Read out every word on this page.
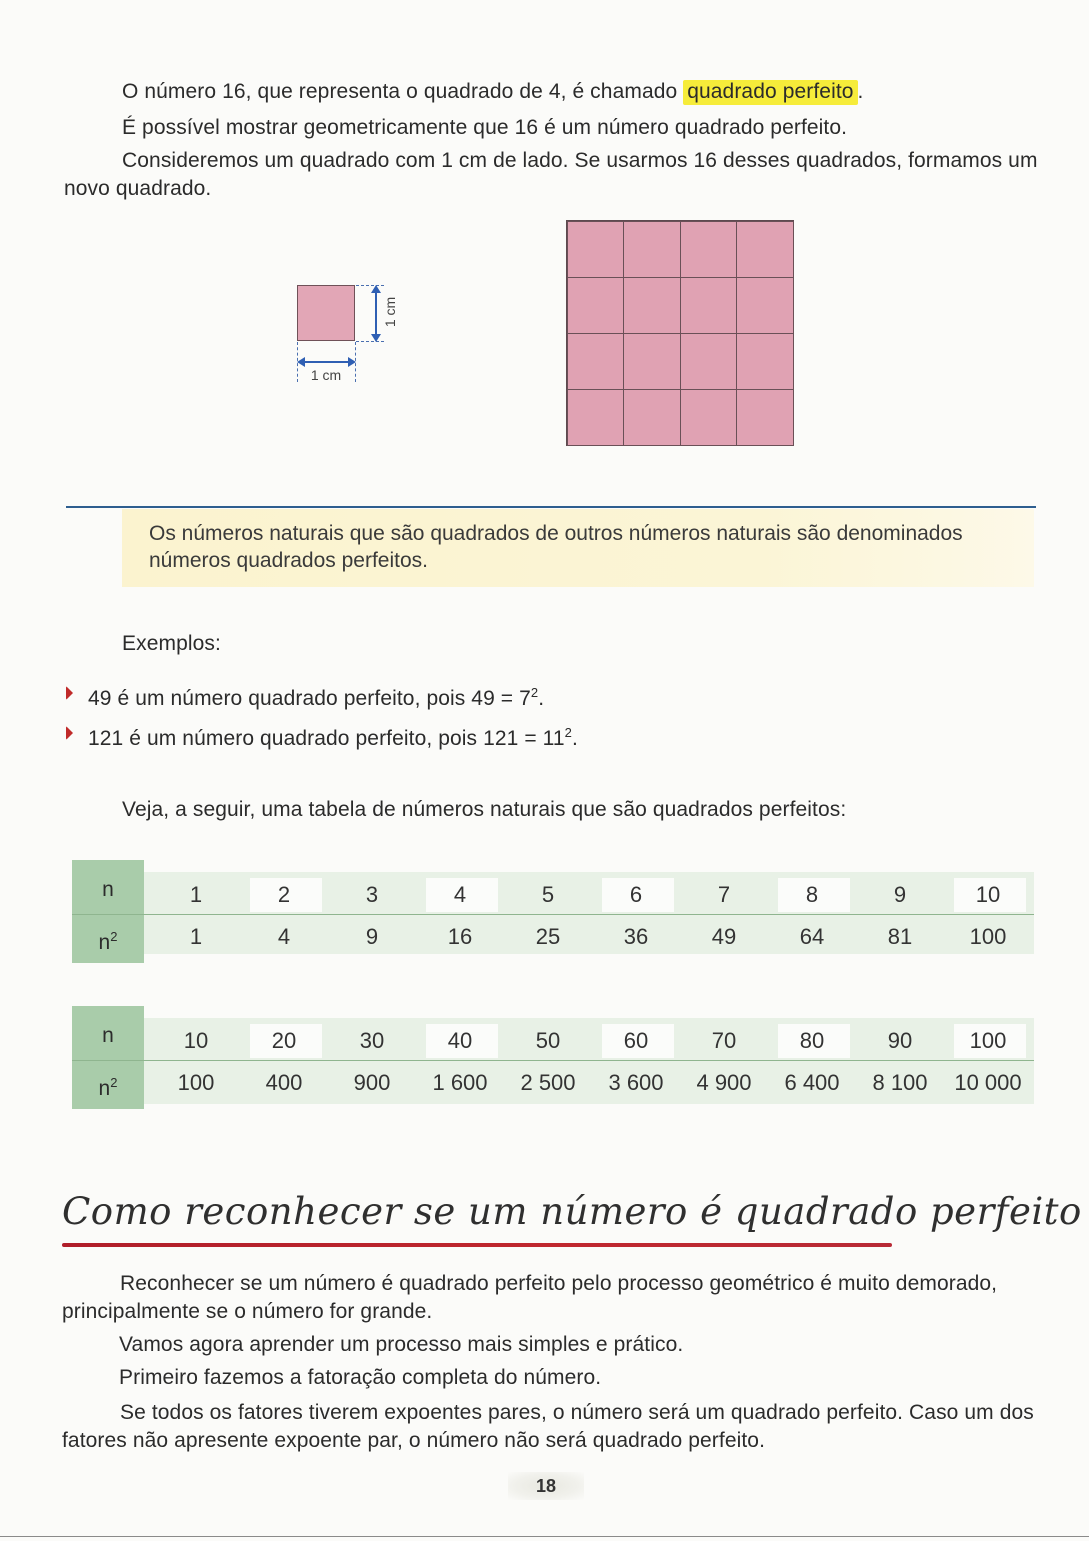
O número 16, que representa o quadrado de 4, é chamado quadrado perfeito .
É possível mostrar geometricamente que 16 é um número quadrado perfeito.
Consideremos um quadrado com 1 cm de lado. Se usarmos 16 desses quadrados, formamos um novo quadrado.
1 cm
1 cm
Os números naturais que são quadrados de outros números naturais são denominados números quadrados perfeitos.
Exemplos:
49 é um número quadrado perfeito, pois $49 = 7^2$.
121 é um número quadrado perfeito, pois $121 = 11^2$.
Veja, a seguir, uma tabela de números naturais que são quadrados perfeitos:
n
$n^2$
1
1
2
4
3
9
4
16
5
25
6
36
7
49
8
64
9
81
10
100
n
$n^2$
10
100
20
400
30
900
40
1 600
50
2 500
60
3 600
70
4 900
80
6 400
90
8 100
100
10 000
Como reconhecer se um número é quadrado perfeito
Reconhecer se um número é quadrado perfeito pelo processo geométrico é muito demorado, principalmente se o número for grande.
Vamos agora aprender um processo mais simples e prático.
Primeiro fazemos a fatoração completa do número.
Se todos os fatores tiverem expoentes pares, o número será um quadrado perfeito. Caso um dos fatores não apresente expoente par, o número não será quadrado perfeito.
18
